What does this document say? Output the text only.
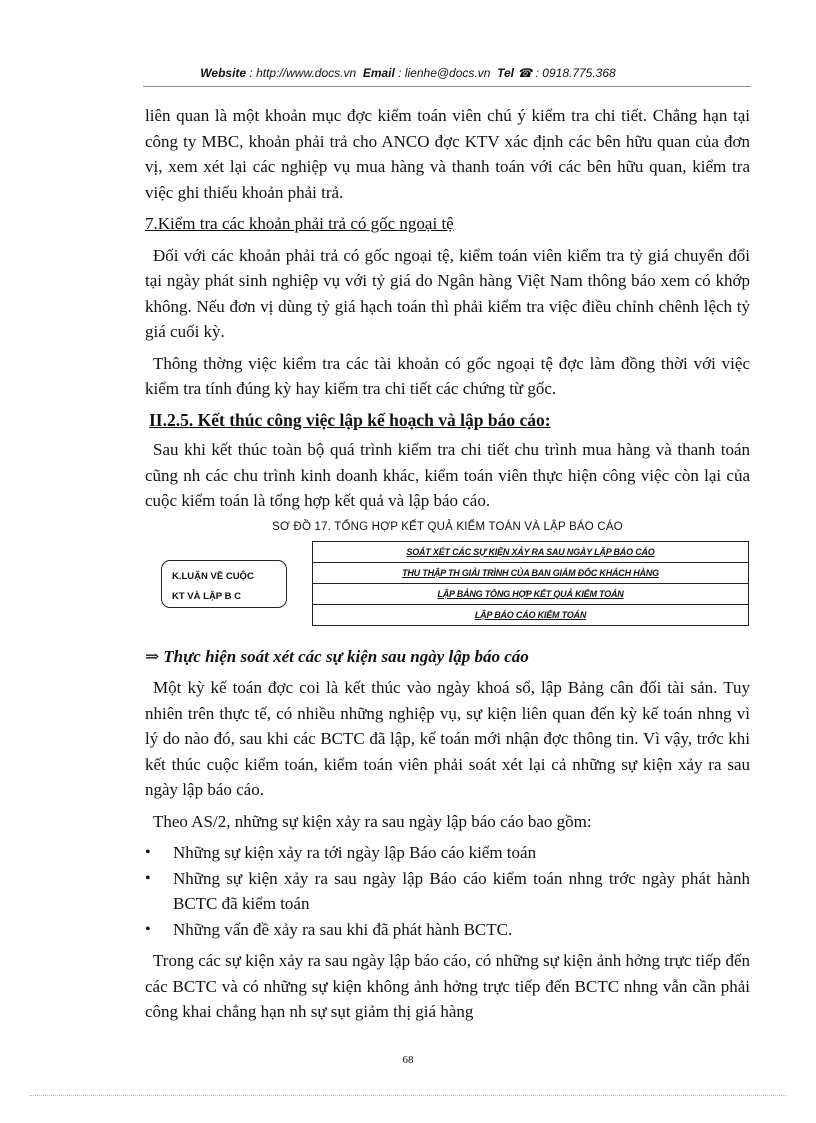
Website : http://www.docs.vn Email : lienhe@docs.vn Tel ☎ : 0918.775.368

liên quan là một khoản mục đợc kiểm toán viên chú ý kiểm tra chi tiết. Chẳng hạn tại công ty MBC, khoản phải trả cho ANCO đợc KTV xác định các bên hữu quan của đơn vị, xem xét lại các nghiệp vụ mua hàng và thanh toán với các bên hữu quan, kiểm tra việc ghi thiếu khoản phải trả.

7.Kiểm tra các khoản phải trả có gốc ngoại tệ

Đối với các khoản phải trả có gốc ngoại tệ, kiểm toán viên kiểm tra tỷ giá chuyển đổi tại ngày phát sinh nghiệp vụ với tỷ giá do Ngân hàng Việt Nam thông báo xem có khớp không. Nếu đơn vị dùng tỷ giá hạch toán thì phải kiểm tra việc điều chỉnh chênh lệch tỷ giá cuối kỳ.

Thông thờng việc kiểm tra các tài khoản có gốc ngoại tệ đợc làm đồng thời với việc kiểm tra tính đúng kỳ hay kiểm tra chi tiết các chứng từ gốc.

II.2.5. Kết thúc công việc lập kế hoạch và lập báo cáo:

Sau khi kết thúc toàn bộ quá trình kiểm tra chi tiết chu trình mua hàng và thanh toán cũng nh các chu trình kinh doanh khác, kiểm toán viên thực hiện công việc còn lại của cuộc kiểm toán là tổng hợp kết quả và lập báo cáo.

SƠ ĐỒ 17. TỔNG HỢP KẾT QUẢ KIỂM TOÁN VÀ LẬP BÁO CÁO
K.LUẬN VỀ CUỘC
KT VÀ LẬP B C
SOÁT XÉT CÁC SỰ KIỆN XẢY RA SAU NGÀY LẬP BÁO CÁO
THU THẬP TH GIẢI TRÌNH CỦA BAN GIÁM ĐỐC KHÁCH HÀNG
LẬP BẢNG TỔNG HỢP KẾT QUẢ KIỂM TOÁN
LẬP BÁO CÁO KIỂM TOÁN
⇒ Thực hiện soát xét các sự kiện sau ngày lập báo cáo

Một kỳ kế toán đợc coi là kết thúc vào ngày khoá sổ, lập Bảng cân đối tài sản. Tuy nhiên trên thực tế, có nhiều những nghiệp vụ, sự kiện liên quan đến kỳ kế toán nhng vì lý do nào đó, sau khi các BCTC đã lập, kế toán mới nhận đợc thông tin. Vì vậy, trớc khi kết thúc cuộc kiểm toán, kiểm toán viên phải soát xét lại cả những sự kiện xảy ra sau ngày lập báo cáo.

Theo AS/2, những sự kiện xảy ra sau ngày lập báo cáo bao gồm:

• Những sự kiện xảy ra tới ngày lập Báo cáo kiểm toán
• Những sự kiện xảy ra sau ngày lập Báo cáo kiểm toán nhng trớc ngày phát hành BCTC đã kiểm toán
• Những vấn đề xảy ra sau khi đã phát hành BCTC.

Trong các sự kiện xảy ra sau ngày lập báo cáo, có những sự kiện ảnh hởng trực tiếp đến các BCTC và có những sự kiện không ảnh hởng trực tiếp đến BCTC nhng vẫn cần phải công khai chẳng hạn nh sự sụt giảm thị giá hàng

68
